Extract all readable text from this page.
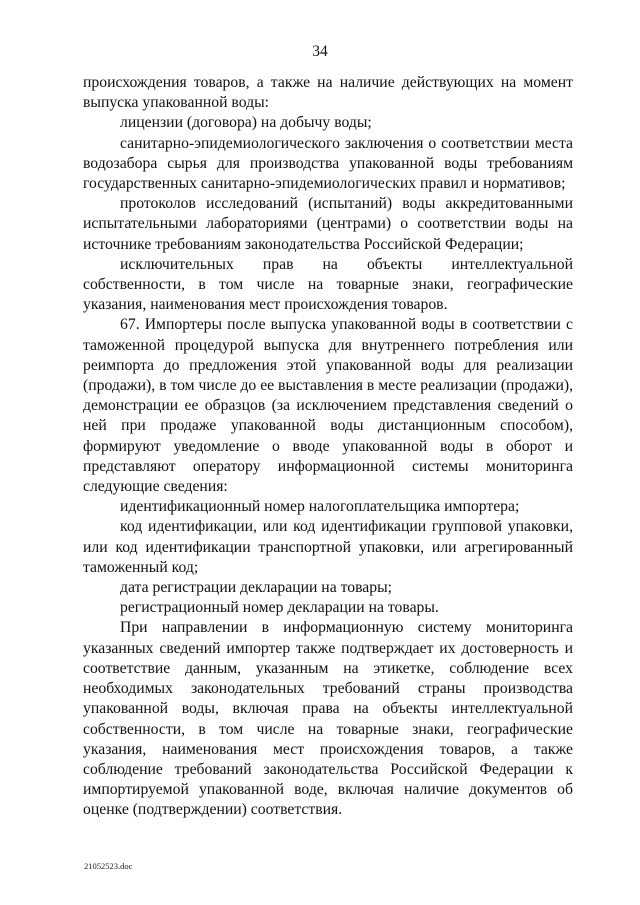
34

происхождения товаров, а также на наличие действующих на момент выпуска упакованной воды:

лицензии (договора) на добычу воды;

санитарно-эпидемиологического заключения о соответствии места водозабора сырья для производства упакованной воды требованиям государственных санитарно-эпидемиологических правил и нормативов;

протоколов исследований (испытаний) воды аккредитованными испытательными лабораториями (центрами) о соответствии воды на источнике требованиям законодательства Российской Федерации;

исключительных прав на объекты интеллектуальной собственности, в том числе на товарные знаки, географические указания, наименования мест происхождения товаров.

67. Импортеры после выпуска упакованной воды в соответствии с таможенной процедурой выпуска для внутреннего потребления или реимпорта до предложения этой упакованной воды для реализации (продажи), в том числе до ее выставления в месте реализации (продажи), демонстрации ее образцов (за исключением представления сведений о ней при продаже упакованной воды дистанционным способом), формируют уведомление о вводе упакованной воды в оборот и представляют оператору информационной системы мониторинга следующие сведения:

идентификационный номер налогоплательщика импортера;

код идентификации, или код идентификации групповой упаковки, или код идентификации транспортной упаковки, или агрегированный таможенный код;

дата регистрации декларации на товары;

регистрационный номер декларации на товары.

При направлении в информационную систему мониторинга указанных сведений импортер также подтверждает их достоверность и соответствие данным, указанным на этикетке, соблюдение всех необходимых законодательных требований страны производства упакованной воды, включая права на объекты интеллектуальной собственности, в том числе на товарные знаки, географические указания, наименования мест происхождения товаров, а также соблюдение требований законодательства Российской Федерации к импортируемой упакованной воде, включая наличие документов об оценке (подтверждении) соответствия.

21052523.doc
